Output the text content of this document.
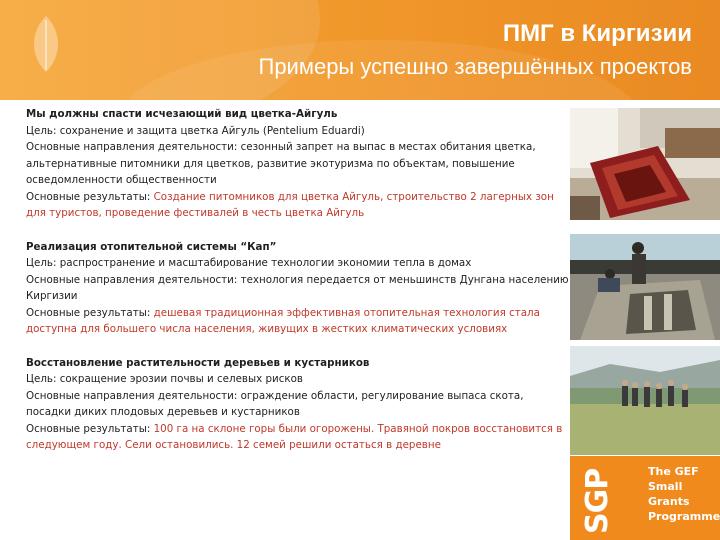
ПМГ в Киргизии
Примеры успешно завершённых проектов
Мы должны спасти исчезающий вид цветка-Айгуль
Цель: сохранение и защита цветка Айгуль (Pentelium Eduardi)
Основные направления деятельности: сезонный запрет на выпас в местах обитания цветка, альтернативные питомники для цветков, развитие экотуризма по объектам, повышение осведомленности общественности
Основные результаты: Создание питомников для цветка Айгуль, строительство 2 лагерных зон для туристов, проведение фестивалей в честь цветка Айгуль
Реализация отопительной системы “Кап”
Цель: распространение и масштабирование технологии экономии тепла в домах
Основные направления деятельности: технология передается от меньшинств Дунгана населению Киргизии
Основные результаты: дешевая традиционная эффективная отопительная технология стала доступна для большего числа населения, живущих в жестких климатических условиях
Восстановление растительности деревьев и кустарников
Цель: сокращение эрозии почвы и селевых рисков
Основные направления деятельности: ограждение области, регулирование выпаса скота, посадки диких плодовых деревьев и кустарников
Основные результаты: 100 га на склоне горы были огорожены. Травяной покров восстановится в следующем году. Сели остановились. 12 семей решили остаться в деревне
SGP	The GEF
Small Grants
Programme
